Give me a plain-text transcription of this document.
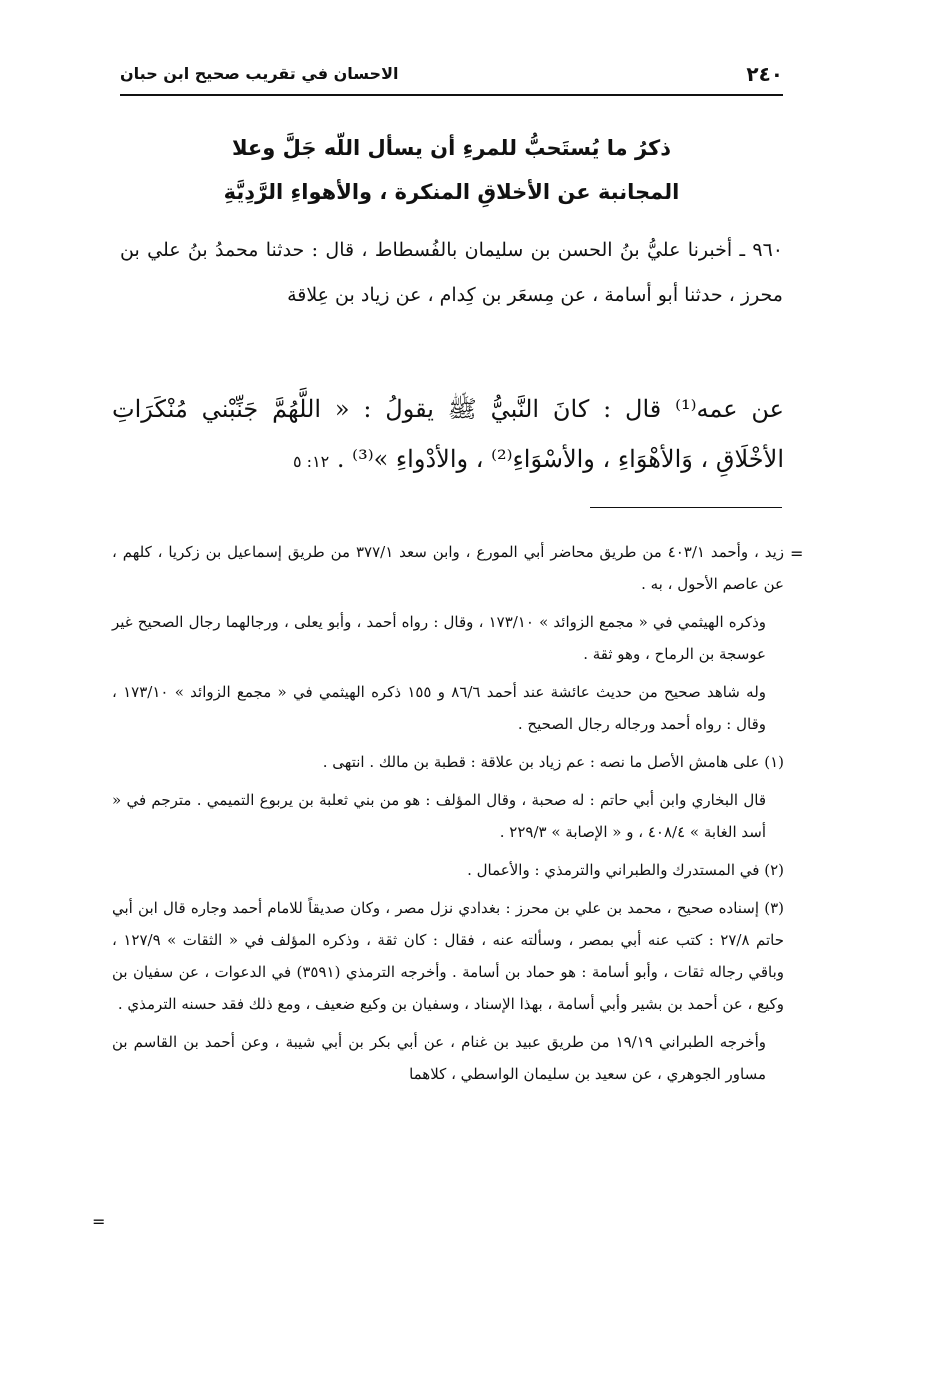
٢٤٠
الاحسان في تقريب صحيح ابن حبان
ذكرُ ما يُستَحبُّ للمرءِ أن يسأل اللّه جَلَّ وعلا
المجانبة عن الأخلاقِ المنكرة ، والأهواءِ الرَّدِيَّةِ

٩٦٠ ـ أخبرنا عليُّ بنُ الحسن بن سليمان بالفُسطاط ، قال : حدثنا محمدُ بنُ علي بن محرز ، حدثنا أبو أسامة ، عن مِسعَر بن كِدام ، عن زياد بن عِلاقة

عن عمه⁽¹⁾ قال : كانَ النَّبيُّ ﷺ يقولُ : « اللَّهُمَّ جَنِّبْني مُنْكَرَاتِ الأخْلَاقِ ، وَالأهْوَاءِ ، والأسْوَاءِ⁽²⁾ ، والأدْواءِ »⁽³⁾ . ١٢: ٥

=

زيد ، وأحمد ٤٠٣/١ من طريق محاضر أبي المورع ، وابن سعد ٣٧٧/١ من طريق إسماعيل بن زكريا ، كلهم ، عن عاصم الأحول ، به .

وذكره الهيثمي في « مجمع الزوائد » ١٧٣/١٠ ، وقال : رواه أحمد ، وأبو يعلى ، ورجالهما رجال الصحيح غير عوسجة بن الرماح ، وهو ثقة .

وله شاهد صحيح من حديث عائشة عند أحمد ٨٦/٦ و ١٥٥ ذكره الهيثمي في « مجمع الزوائد » ١٧٣/١٠ ، وقال : رواه أحمد ورجاله رجال الصحيح .

(١) على هامش الأصل ما نصه : عم زياد بن علاقة : قطبة بن مالك . انتهى .

قال البخاري وابن أبي حاتم : له صحبة ، وقال المؤلف : هو من بني ثعلبة بن يربوع التميمي . مترجم في « أسد الغابة » ٤٠٨/٤ ، و « الإصابة » ٢٢٩/٣ .

(٢) في المستدرك والطبراني والترمذي : والأعمال .

(٣) إسناده صحيح ، محمد بن علي بن محرز : بغدادي نزل مصر ، وكان صديقاً للامام أحمد وجاره قال ابن أبي حاتم ٢٧/٨ : كتب عنه أبي بمصر ، وسألته عنه ، فقال : كان ثقة ، وذكره المؤلف في « الثقات » ١٢٧/٩ ، وباقي رجاله ثقات ، وأبو أسامة : هو حماد بن أسامة . وأخرجه الترمذي (٣٥٩١) في الدعوات ، عن سفيان بن وكيع ، عن أحمد بن بشير وأبي أسامة ، بهذا الإسناد ، وسفيان بن وكيع ضعيف ، ومع ذلك فقد حسنه الترمذي .

وأخرجه الطبراني ١٩/١٩ من طريق عبيد بن غنام ، عن أبي بكر بن أبي شيبة ، وعن أحمد بن القاسم بن مساور الجوهري ، عن سعيد بن سليمان الواسطي ، كلاهما

=
